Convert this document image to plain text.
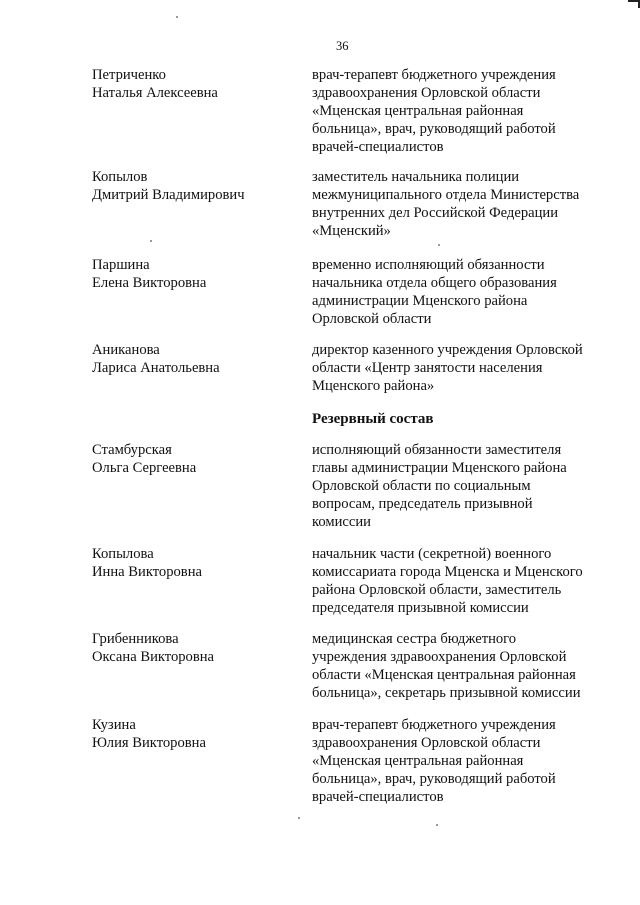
36
Петриченко
Наталья Алексеевна
врач-терапевт бюджетного учреждения
здравоохранения Орловской области
«Мценская центральная районная
больница», врач, руководящий работой
врачей-специалистов
Копылов
Дмитрий Владимирович
заместитель начальника полиции
межмуниципального отдела Министерства
внутренних дел Российской Федерации
«Мценский»
Паршина
Елена Викторовна
временно исполняющий обязанности
начальника отдела общего образования
администрации Мценского района
Орловской области
Аниканова
Лариса Анатольевна
директор казенного учреждения Орловской
области «Центр занятости населения
Мценского района»
Резервный состав
Стамбурская
Ольга Сергеевна
исполняющий обязанности заместителя
главы администрации Мценского района
Орловской области по социальным
вопросам, председатель призывной
комиссии
Копылова
Инна Викторовна
начальник части (секретной) военного
комиссариата города Мценска и Мценского
района Орловской области, заместитель
председателя призывной комиссии
Грибенникова
Оксана Викторовна
медицинская сестра бюджетного
учреждения здравоохранения Орловской
области «Мценская центральная районная
больница», секретарь призывной комиссии
Кузина
Юлия Викторовна
врач-терапевт бюджетного учреждения
здравоохранения Орловской области
«Мценская центральная районная
больница», врач, руководящий работой
врачей-специалистов
